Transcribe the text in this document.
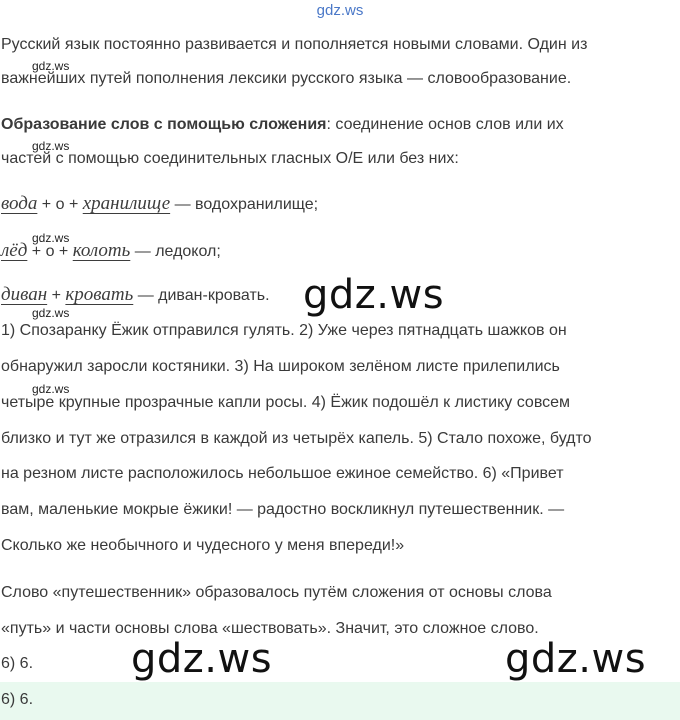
gdz.ws
Русский язык постоянно развивается и пополняется новыми словами. Один из
gdz.ws
важнейших путей пополнения лексики русского языка — словообразование.
Образование слов с помощью сложения: соединение основ слов или их
gdz.ws
частей с помощью соединительных гласных О/Е или без них:
вода + о + хранилище — водохранилище;
gdz.ws
лёд + о + колоть — ледокол;
диван + кровать — диван-кровать. gdz.ws
gdz.ws
1) Спозаранку Ёжик отправился гулять. 2) Уже через пятнадцать шажков он
обнаружил заросли костяники. 3) На широком зелёном листе прилепились
gdz.ws
четыре крупные прозрачные капли росы. 4) Ёжик подошёл к листику совсем
близко и тут же отразился в каждой из четырёх капель. 5) Стало похоже, будто
на резном листе расположилось небольшое ежиное семейство. 6) «Привет
вам, маленькие мокрые ёжики! — радостно воскликнул путешественник. —
Сколько же необычного и чудесного у меня впереди!»
Слово «путешественник» образовалось путём сложения от основы слова
«путь» и части основы слова «шествовать». Значит, это сложное слово.
6) 6. gdz.ws	gdz.ws
6) 6.
